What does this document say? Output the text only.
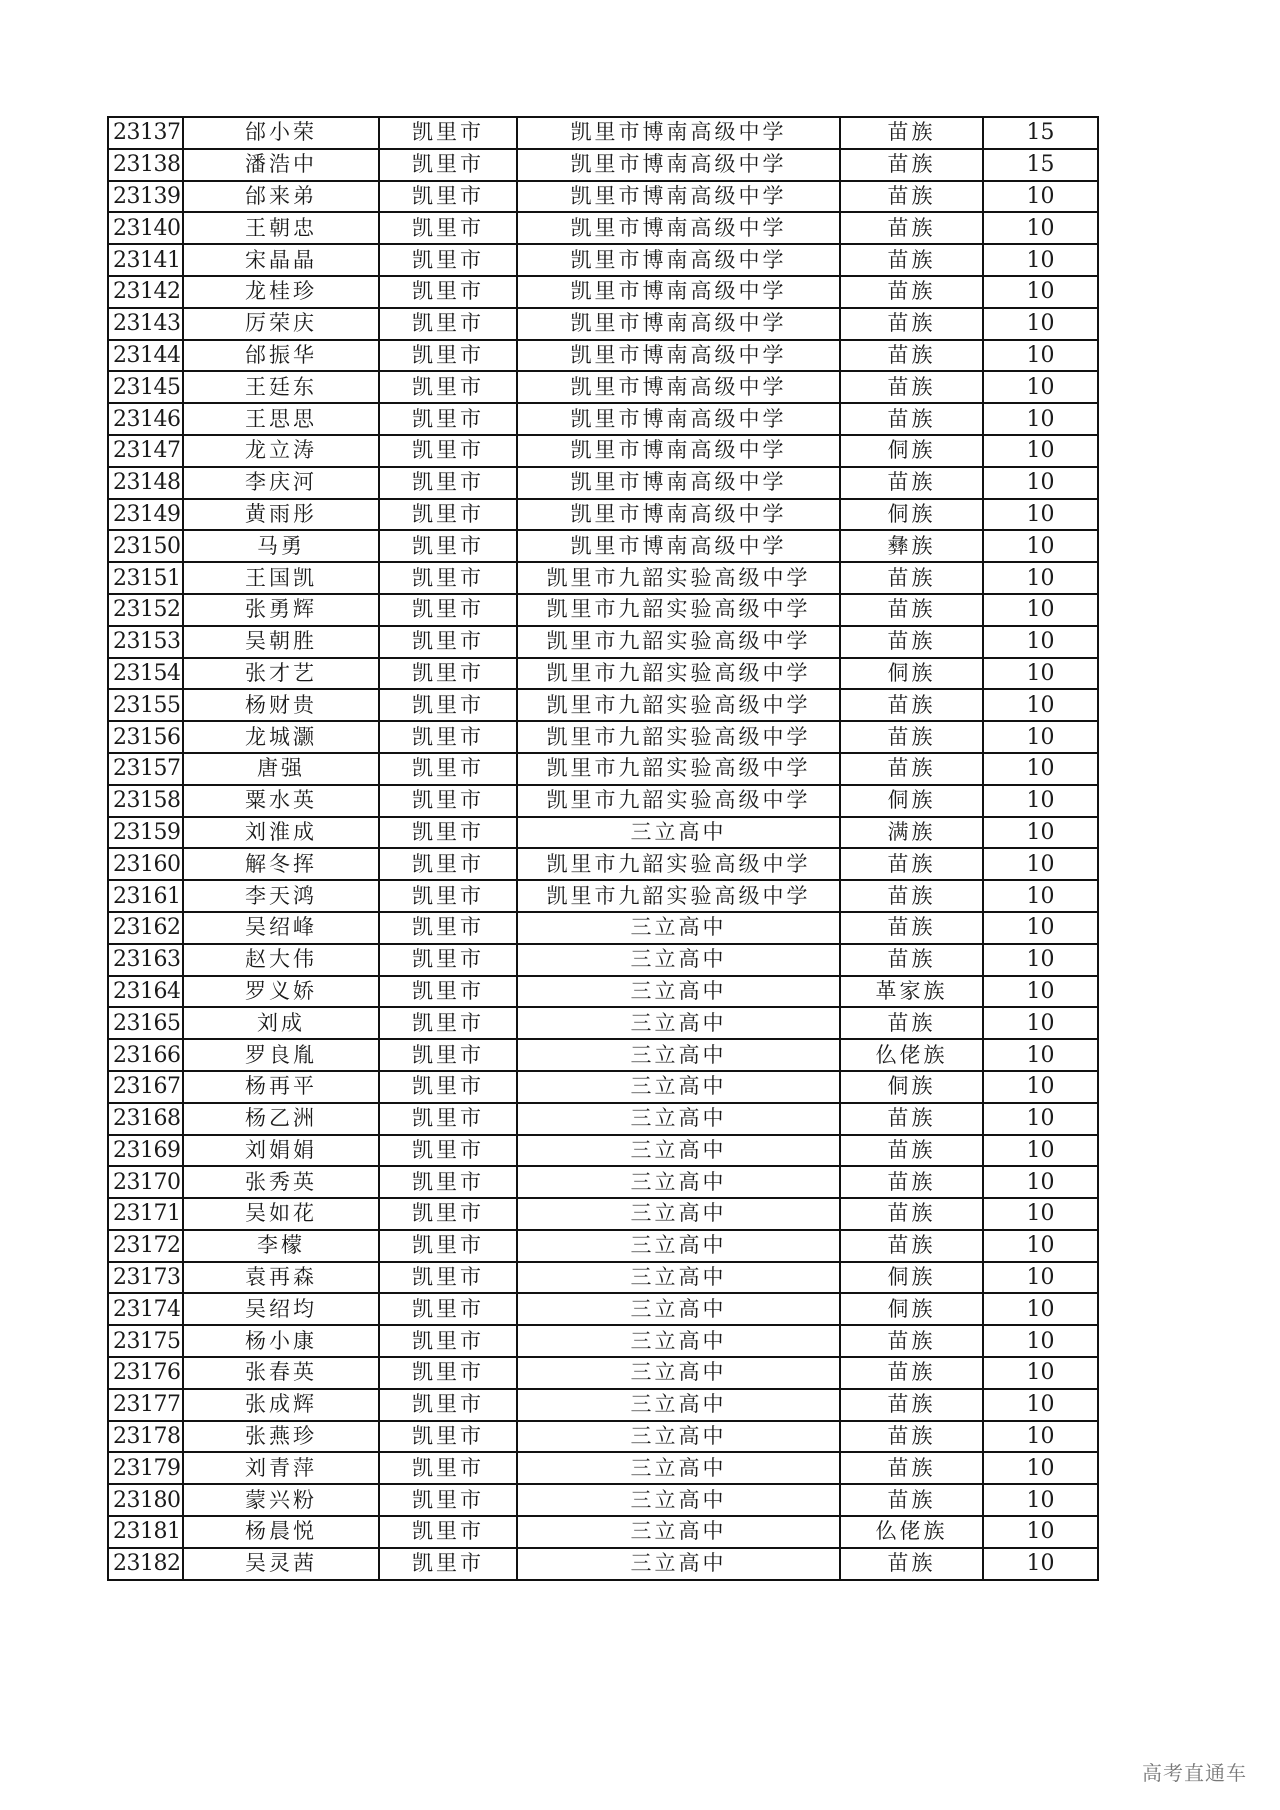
23137	邰小荣	凯里市	凯里市博南高级中学	苗族	15
23138	潘浩中	凯里市	凯里市博南高级中学	苗族	15
23139	邰来弟	凯里市	凯里市博南高级中学	苗族	10
23140	王朝忠	凯里市	凯里市博南高级中学	苗族	10
23141	宋晶晶	凯里市	凯里市博南高级中学	苗族	10
23142	龙桂珍	凯里市	凯里市博南高级中学	苗族	10
23143	厉荣庆	凯里市	凯里市博南高级中学	苗族	10
23144	邰振华	凯里市	凯里市博南高级中学	苗族	10
23145	王廷东	凯里市	凯里市博南高级中学	苗族	10
23146	王思思	凯里市	凯里市博南高级中学	苗族	10
23147	龙立涛	凯里市	凯里市博南高级中学	侗族	10
23148	李庆河	凯里市	凯里市博南高级中学	苗族	10
23149	黄雨彤	凯里市	凯里市博南高级中学	侗族	10
23150	马勇	凯里市	凯里市博南高级中学	彝族	10
23151	王国凯	凯里市	凯里市九韶实验高级中学	苗族	10
23152	张勇辉	凯里市	凯里市九韶实验高级中学	苗族	10
23153	吴朝胜	凯里市	凯里市九韶实验高级中学	苗族	10
23154	张才艺	凯里市	凯里市九韶实验高级中学	侗族	10
23155	杨财贵	凯里市	凯里市九韶实验高级中学	苗族	10
23156	龙城灏	凯里市	凯里市九韶实验高级中学	苗族	10
23157	唐强	凯里市	凯里市九韶实验高级中学	苗族	10
23158	粟水英	凯里市	凯里市九韶实验高级中学	侗族	10
23159	刘淮成	凯里市	三立高中	满族	10
23160	解冬挥	凯里市	凯里市九韶实验高级中学	苗族	10
23161	李天鸿	凯里市	凯里市九韶实验高级中学	苗族	10
23162	吴绍峰	凯里市	三立高中	苗族	10
23163	赵大伟	凯里市	三立高中	苗族	10
23164	罗义娇	凯里市	三立高中	革家族	10
23165	刘成	凯里市	三立高中	苗族	10
23166	罗良胤	凯里市	三立高中	仫佬族	10
23167	杨再平	凯里市	三立高中	侗族	10
23168	杨乙洲	凯里市	三立高中	苗族	10
23169	刘娟娟	凯里市	三立高中	苗族	10
23170	张秀英	凯里市	三立高中	苗族	10
23171	吴如花	凯里市	三立高中	苗族	10
23172	李檬	凯里市	三立高中	苗族	10
23173	袁再森	凯里市	三立高中	侗族	10
23174	吴绍均	凯里市	三立高中	侗族	10
23175	杨小康	凯里市	三立高中	苗族	10
23176	张春英	凯里市	三立高中	苗族	10
23177	张成辉	凯里市	三立高中	苗族	10
23178	张燕珍	凯里市	三立高中	苗族	10
23179	刘青萍	凯里市	三立高中	苗族	10
23180	蒙兴粉	凯里市	三立高中	苗族	10
23181	杨晨悦	凯里市	三立高中	仫佬族	10
23182	吴灵茜	凯里市	三立高中	苗族	10
高考直通车
